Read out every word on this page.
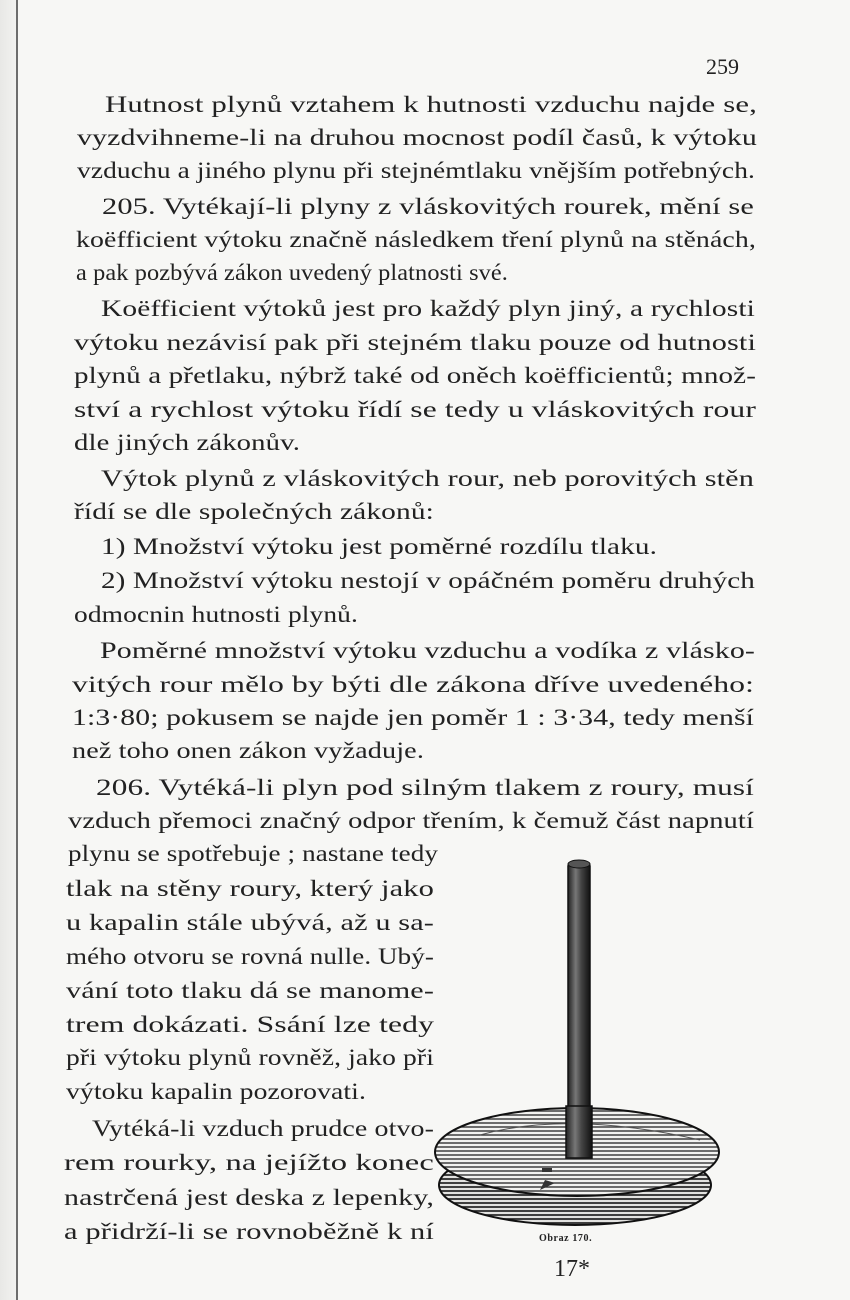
259
Hutnost plynů vztahem k hutnosti vzduchu najde se,
vyzdvihneme-li na druhou mocnost podíl časů, k výtoku
vzduchu a jiného plynu při stejnémtlaku vnějším potřebných.
205. Vytékají-li plyny z vláskovitých rourek, mění se
koëfficient výtoku značně následkem tření plynů na stěnách,
a pak pozbývá zákon uvedený platnosti své.
Koëfficient výtoků jest pro každý plyn jiný, a rychlosti
výtoku nezávisí pak při stejném tlaku pouze od hutnosti
plynů a přetlaku, nýbrž také od oněch koëfficientů; množ-
ství a rychlost výtoku řídí se tedy u vláskovitých rour
dle jiných zákonův.
Výtok plynů z vláskovitých rour, neb porovitých stěn
řídí se dle společných zákonů:
1) Množství výtoku jest poměrné rozdílu tlaku.
2) Množství výtoku nestojí v opáčném poměru druhých
odmocnin hutnosti plynů.
Poměrné množství výtoku vzduchu a vodíka z vlásko-
vitých rour mělo by býti dle zákona dříve uvedeného:
1:3·80; pokusem se najde jen poměr 1 : 3·34, tedy menší
než toho onen zákon vyžaduje.
206. Vytéká-li plyn pod silným tlakem z roury, musí
vzduch přemoci značný odpor třením, k čemuž část napnutí
plynu se spotřebuje ; nastane tedy
tlak na stěny roury, který jako
u kapalin stále ubývá, až u sa-
mého otvoru se rovná nulle. Ubý-
vání toto tlaku dá se manome-
trem dokázati. Ssání lze tedy
při výtoku plynů rovněž, jako při
výtoku kapalin pozorovati.
Vytéká-li vzduch prudce otvo-
rem rourky, na jejížto konec
nastrčená jest deska z lepenky,
a přidrží-li se rovnoběžně k ní	Obraz 170.
17*
